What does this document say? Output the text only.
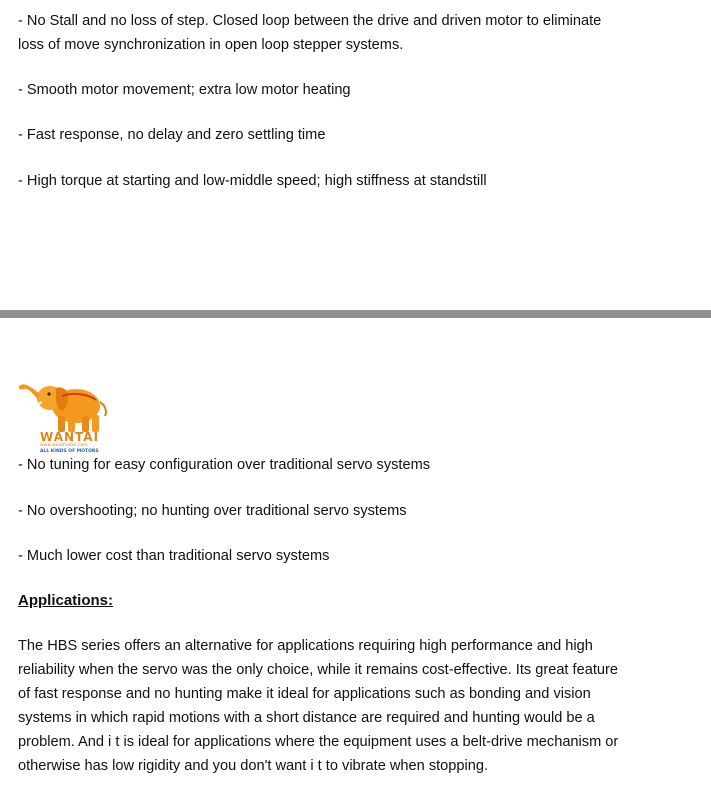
- No Stall and no loss of step. Closed loop between the drive and driven motor to eliminate
loss of move synchronization in open loop stepper systems.
- Smooth motor movement; extra low motor heating
- Fast response, no delay and zero settling time
- High torque at starting and low-middle speed; high stiffness at standstill
WANTAI
www.wantmotor.com
ALL KINDS OF MOTORS
- No tuning for easy configuration over traditional servo systems
- No overshooting; no hunting over traditional servo systems
- Much lower cost than traditional servo systems
Applications:
The HBS series offers an alternative for applications requiring high performance and high
reliability when the servo was the only choice, while it remains cost-effective. Its great feature
of fast response and no hunting make it ideal for applications such as bonding and vision
systems in which rapid motions with a short distance are required and hunting would be a
problem. And i t is ideal for applications where the equipment uses a belt-drive mechanism or
otherwise has low rigidity and you don't want i t to vibrate when stopping.
